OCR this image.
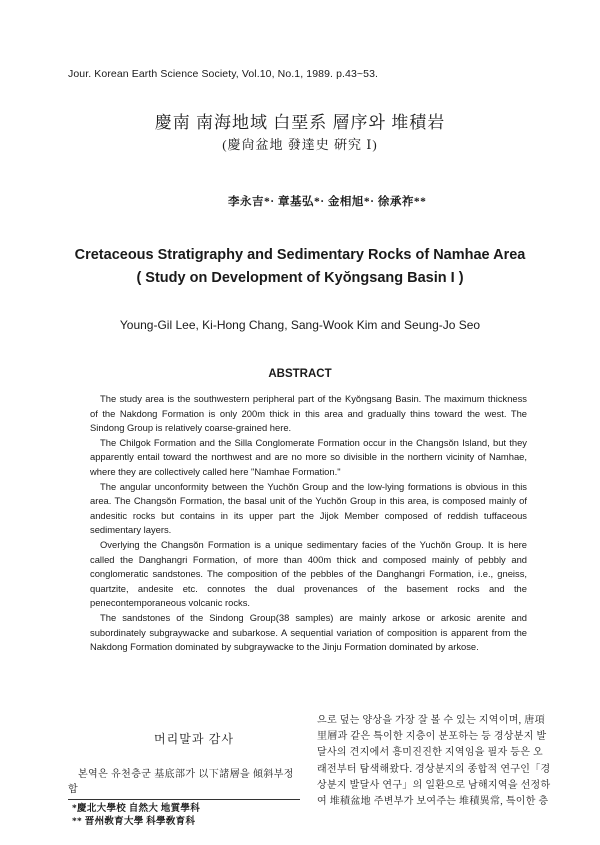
Jour. Korean Earth Science Society, Vol.10, No.1, 1989. p.43~53.
慶南 南海地域 白堊系 層序와 堆積岩
(慶尙盆地 發達史 硏究 Ⅰ)
李永吉*· 章基弘*· 金相旭*· 徐承祚**
Cretaceous Stratigraphy and Sedimentary Rocks of Namhae Area
( Study on Development of Kyŏngsang Basin I )
Young-Gil Lee, Ki-Hong Chang, Sang-Wook Kim and Seung-Jo Seo
ABSTRACT

The study area is the southwestern peripheral part of the Kyŏngsang Basin. The maximum thickness of the Nakdong Formation is only 200m thick in this area and gradually thins toward the west. The Sindong Group is relatively coarse-grained here.

The Chilgok Formation and the Silla Conglomerate Formation occur in the Changsŏn Island, but they apparently entail toward the northwest and are no more so divisible in the northern vicinity of Namhae, where they are collectively called here "Namhae Formation."

The angular unconformity between the Yuchŏn Group and the low-lying formations is obvious in this area. The Changsŏn Formation, the basal unit of the Yuchŏn Group in this area, is composed mainly of andesitic rocks but contains in its upper part the Jijok Member composed of reddish tuffaceous sedimentary layers.

Overlying the Changsŏn Formation is a unique sedimentary facies of the Yuchŏn Group. It is here called the Danghangri Formation, of more than 400m thick and composed mainly of pebbly and conglomeratic sandstones. The composition of the pebbles of the Danghangri Formation, i.e., gneiss, quartzite, andesite etc. connotes the dual provenances of the basement rocks and the penecontemporaneous volcanic rocks.

The sandstones of the Sindong Group(38 samples) are mainly arkose or arkosic arenite and subordinately subgraywacke and subarkose. A sequential variation of composition is apparent from the Nakdong Formation dominated by subgraywacke to the Jinju Formation dominated by arkose.

머리말과 감사
본역은 유천층군 基底部가 以下諸層을 傾斜부정합
*慶北大學校 自然大 地質學科
** 晋州敎育大學 科學敎育科
으로 덮는 양상을 가장 잘 볼 수 있는 지역이며, 唐項
里層과 같은 특이한 지층이 분포하는 등 경상분지 발
달사의 견지에서 흥미진진한 지역임을 필자 등은 오
래전부터 탐색해왔다. 경상분지의 종합적 연구인「경
상분지 발달사 연구」의 일환으로 남해지역을 선정하
여 堆積盆地 주변부가 보여주는 堆積異常, 특이한 층
